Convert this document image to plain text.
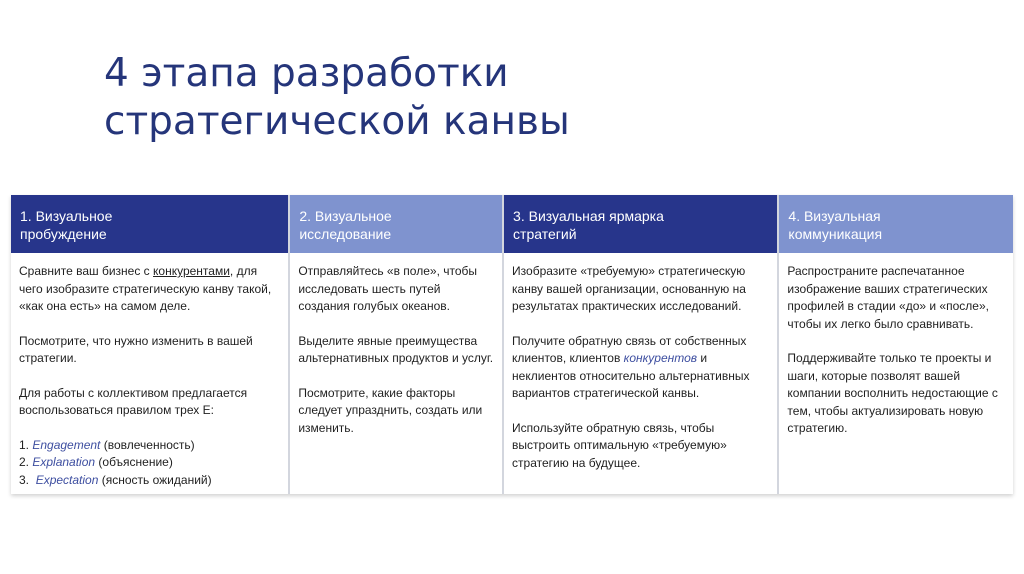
4 этапа разработки
стратегической канвы
1. Визуальное
пробуждение

Сравните ваш бизнес с конкурентами, для чего изобразите стратегическую канву такой, «как она есть» на самом деле.

Посмотрите, что нужно изменить в вашей стратегии.

Для работы с коллективом предлагается воспользоваться правилом трех Е:

1. Engagement (вовлеченность)
2. Explanation (объяснение)
3.  Expectation (ясность ожиданий)

2. Визуальное
исследование

Отправляйтесь «в поле», чтобы исследовать шесть путей создания голубых океанов.

Выделите явные преимущества альтернативных продуктов и услуг.

Посмотрите, какие факторы следует упразднить, создать или изменить.

3. Визуальная ярмарка
стратегий

Изобразите «требуемую» стратегическую канву вашей организации, основанную на результатах практических исследований.

Получите обратную связь от собственных клиентов, клиентов конкурентов и неклиентов относительно альтернативных вариантов стратегической канвы.

Используйте обратную связь, чтобы выстроить оптимальную «требуемую» стратегию на будущее.

4. Визуальная
коммуникация

Распространите распечатанное изображение ваших стратегических профилей в стадии «до» и «после», чтобы их легко было сравнивать.

Поддерживайте только те проекты и шаги, которые позволят вашей компании восполнить недостающие с тем, чтобы актуализировать новую стратегию.
